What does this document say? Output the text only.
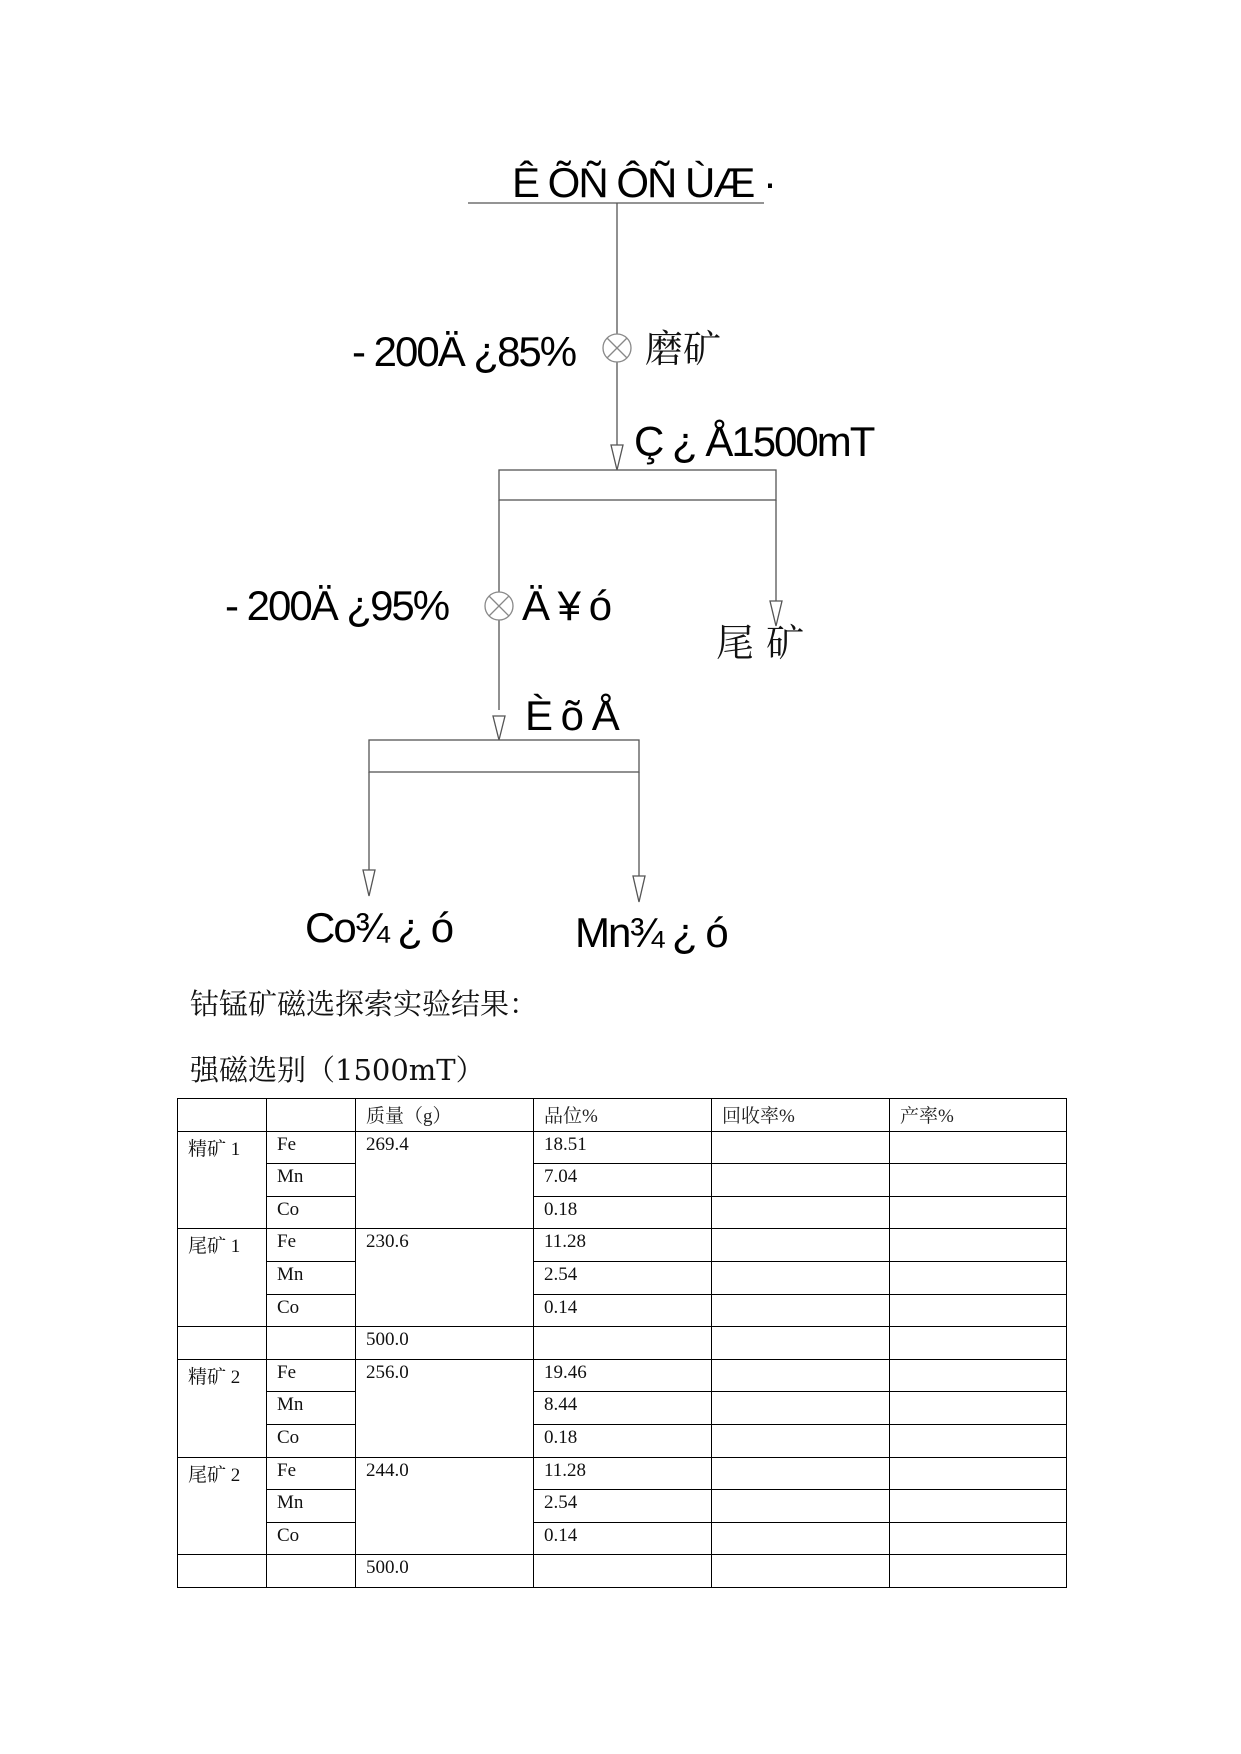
Ê ÕÑ ÔÑ ÙÆ ·
- 200Ä ¿85% 磨矿
Ç ¿ Å1500mT
尾 矿
- 200Ä ¿95% Ä ¥ ó
È õ Å
Co¾ ¿ ó	Mn¾ ¿ ó
钴锰矿磁选探索实验结果：
强磁选别（1500mT）
		质量（g）	品位%	回收率%	产率%
精矿 1	Fe	269.4	18.51		
	Mn		7.04		
	Co		0.18		
尾矿 1	Fe	230.6	11.28		
	Mn		2.54		
	Co		0.14		
		500.0			
精矿 2	Fe	256.0	19.46		
	Mn		8.44		
	Co		0.18		
尾矿 2	Fe	244.0	11.28		
	Mn		2.54		
	Co		0.14		
		500.0			
